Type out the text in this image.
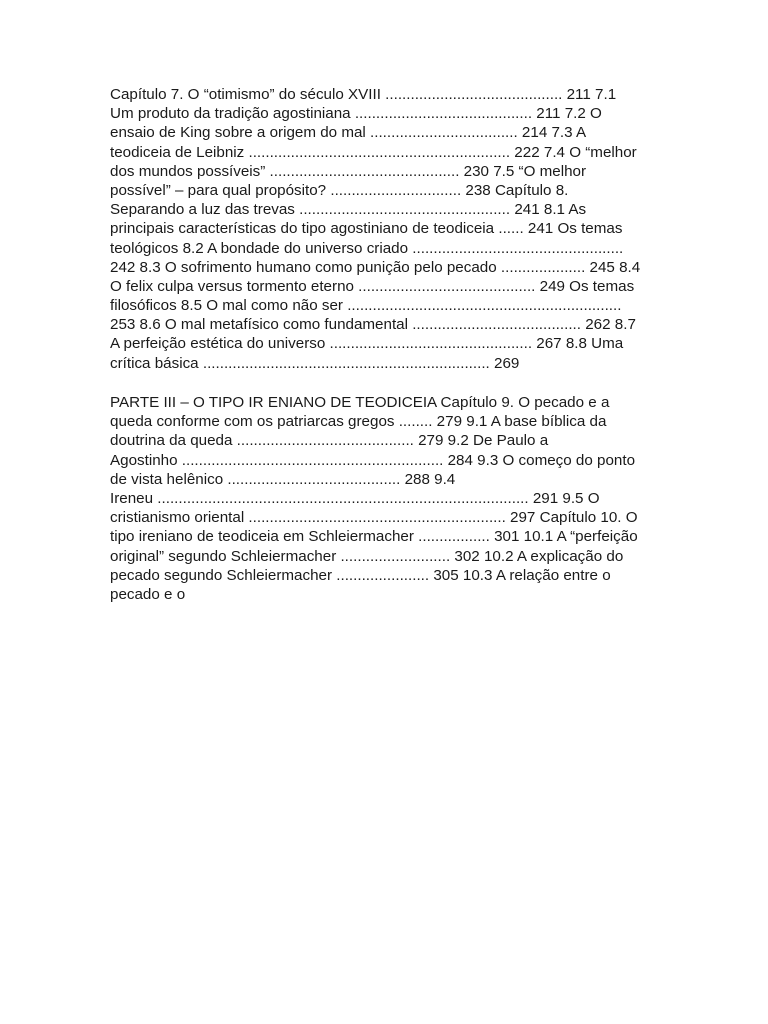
Capítulo 7. O “otimismo” do século XVIII .......................................... 211 7.1
Um produto da tradição agostiniana .......................................... 211 7.2 O
ensaio de King sobre a origem do mal ................................... 214 7.3 A
teodiceia de Leibniz .............................................................. 222 7.4 O “melhor
dos mundos possíveis” ............................................. 230 7.5 “O melhor
possível” – para qual propósito? ............................... 238 Capítulo 8.
Separando a luz das trevas .................................................. 241 8.1 As
principais características do tipo agostiniano de teodiceia ...... 241 Os temas
teológicos 8.2 A bondade do universo criado ..................................................
242 8.3 O sofrimento humano como punição pelo pecado .................... 245 8.4
O felix culpa versus tormento eterno .......................................... 249 Os temas
filosóficos 8.5 O mal como não ser .................................................................
253 8.6 O mal metafísico como fundamental ........................................ 262 8.7
A perfeição estética do universo ................................................ 267 8.8 Uma
crítica básica .................................................................... 269
PARTE III – O TIPO IR ENIANO DE TEODICEIA Capítulo 9. O pecado e a
queda conforme com os patriarcas gregos ........ 279 9.1 A base bíblica da
doutrina da queda .......................................... 279 9.2 De Paulo a
Agostinho .............................................................. 284 9.3 O começo do ponto
de vista helênico ......................................... 288 9.4
Ireneu ........................................................................................ 291 9.5 O
cristianismo oriental ............................................................. 297 Capítulo 10. O
tipo ireniano de teodiceia em Schleiermacher ................. 301 10.1 A “perfeição
original” segundo Schleiermacher .......................... 302 10.2 A explicação do
pecado segundo Schleiermacher ...................... 305 10.3 A relação entre o
pecado e o
